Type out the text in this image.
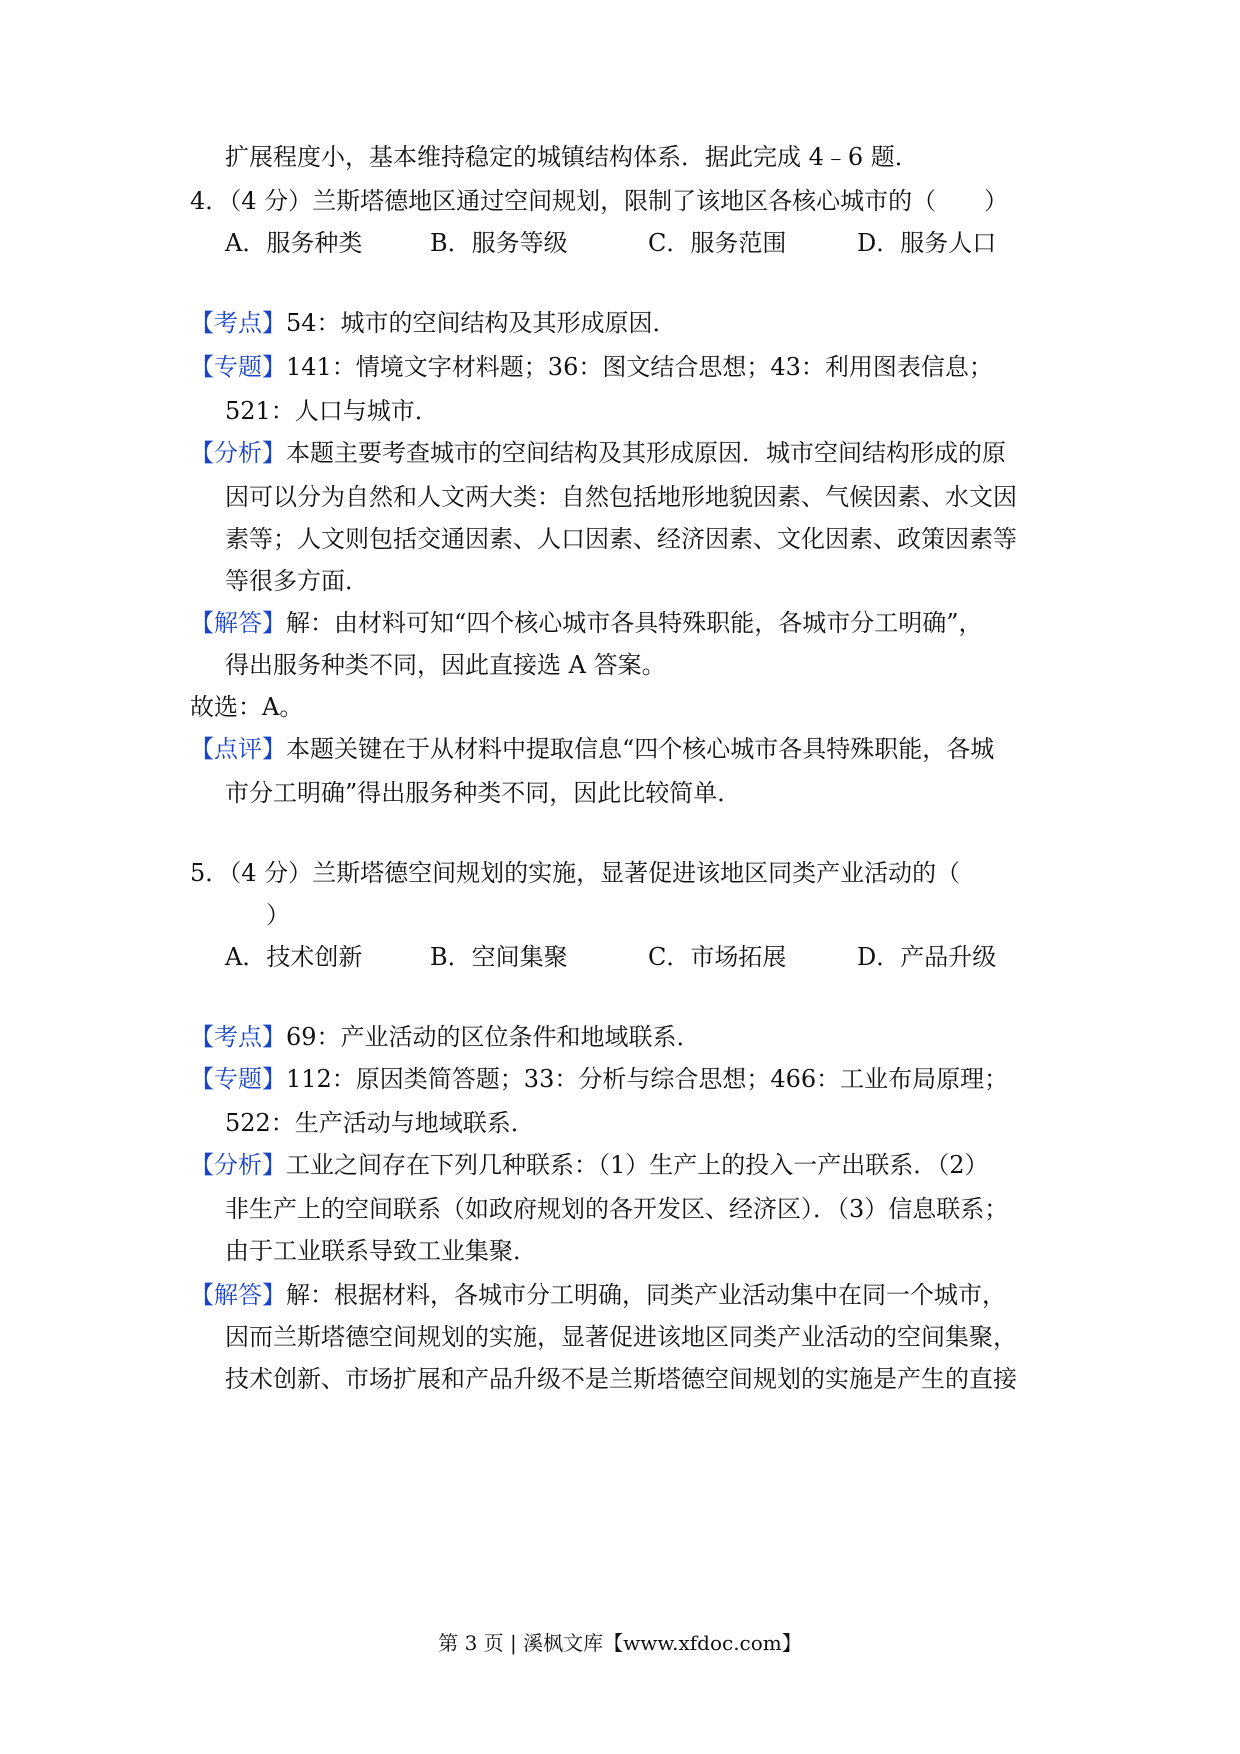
扩展程度小，基本维持稳定的城镇结构体系．据此完成 4﹣6 题．
4．（4 分）兰斯塔德地区通过空间规划，限制了该地区各核心城市的（　　）
A．服务种类	B．服务等级	C．服务范围	D．服务人口
【考点】54：城市的空间结构及其形成原因．
【专题】141：情境文字材料题；36：图文结合思想；43：利用图表信息；
521：人口与城市．
【分析】本题主要考查城市的空间结构及其形成原因．城市空间结构形成的原
因可以分为自然和人文两大类：自然包括地形地貌因素、气候因素、水文因
素等；人文则包括交通因素、人口因素、经济因素、文化因素、政策因素等
等很多方面．
【解答】解：由材料可知“四个核心城市各具特殊职能，各城市分工明确”，
得出服务种类不同，因此直接选 A 答案。
故选：A。
【点评】本题关键在于从材料中提取信息“四个核心城市各具特殊职能，各城
市分工明确”得出服务种类不同，因此比较简单．
5．（4 分）兰斯塔德空间规划的实施，显著促进该地区同类产业活动的（
　　）
A．技术创新	B．空间集聚	C．市场拓展	D．产品升级
【考点】69：产业活动的区位条件和地域联系．
【专题】112：原因类简答题；33：分析与综合思想；466：工业布局原理；
522：生产活动与地域联系．
【分析】工业之间存在下列几种联系：（1）生产上的投入一产出联系．（2）
非生产上的空间联系（如政府规划的各开发区、经济区）．（3）信息联系；
由于工业联系导致工业集聚．
【解答】解：根据材料，各城市分工明确，同类产业活动集中在同一个城市，
因而兰斯塔德空间规划的实施，显著促进该地区同类产业活动的空间集聚，
技术创新、市场扩展和产品升级不是兰斯塔德空间规划的实施是产生的直接
第 3 页 | 溪枫文库【www.xfdoc.com】
